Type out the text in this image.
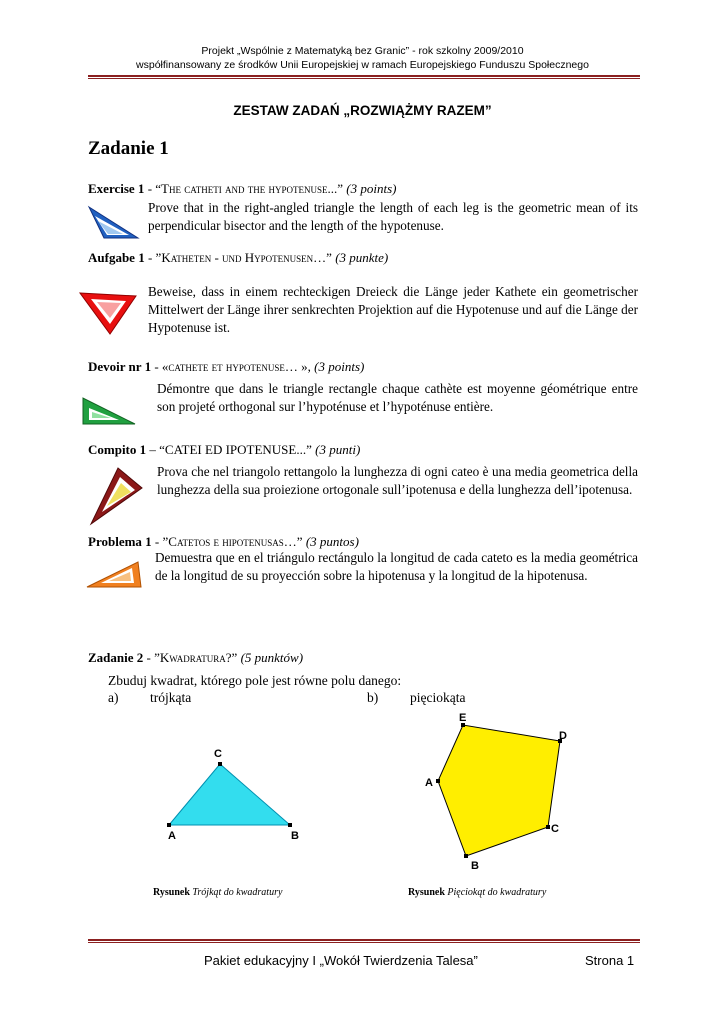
Projekt „Wspólnie z Matematyką bez Granic” - rok szkolny 2009/2010
współfinansowany ze środków Unii Europejskiej w ramach Europejskiego Funduszu Społecznego
ZESTAW ZADAŃ „ROZWIĄŻMY RAZEM”
Zadanie 1
Exercise 1 - “The catheti and the hypotenuse...” (3 points)
Prove that in the right-angled triangle the length of each leg is the geometric mean of its perpendicular bisector and the length of the hypotenuse.
Aufgabe 1 - ”Katheten - und Hypotenusen…” (3 punkte)
Beweise, dass in einem rechteckigen Dreieck die Länge jeder Kathete ein geometrischer Mittelwert der Länge ihrer senkrechten Projektion auf die Hypotenuse und auf die Länge der Hypotenuse ist.
Devoir nr 1 - «cathete et hypotenuse… », (3 points)
Démontre que dans le triangle rectangle chaque cathète est moyenne géométrique entre son projeté orthogonal sur l’hypoténuse et l’hypoténuse entière.
Compito 1 – “CATEI ED IPOTENUSE...” (3 punti)
Prova che nel triangolo rettangolo la lunghezza di ogni cateo è una media geometrica della lunghezza della sua proiezione ortogonale sull’ipotenusa e della lunghezza dell’ipotenusa.
Problema 1 - ”Catetos e hipotenusas…” (3 puntos)
Demuestra que en el triángulo rectángulo la longitud de cada cateto es la media geométrica de la longitud de su proyección sobre la hipotenusa y la longitud de la hipotenusa.
Zadanie 2 - ”Kwadratura?” (5 punktów)
Zbuduj kwadrat, którego pole jest równe polu danego:
a) trójkąta	b) pięciokąta
A	B
C
A
B
C
D
E
Rysunek Trójkąt do kwadratury	Rysunek Pięciokąt do kwadratury
Pakiet edukacyjny I „Wokół Twierdzenia Talesa”	Strona 1
